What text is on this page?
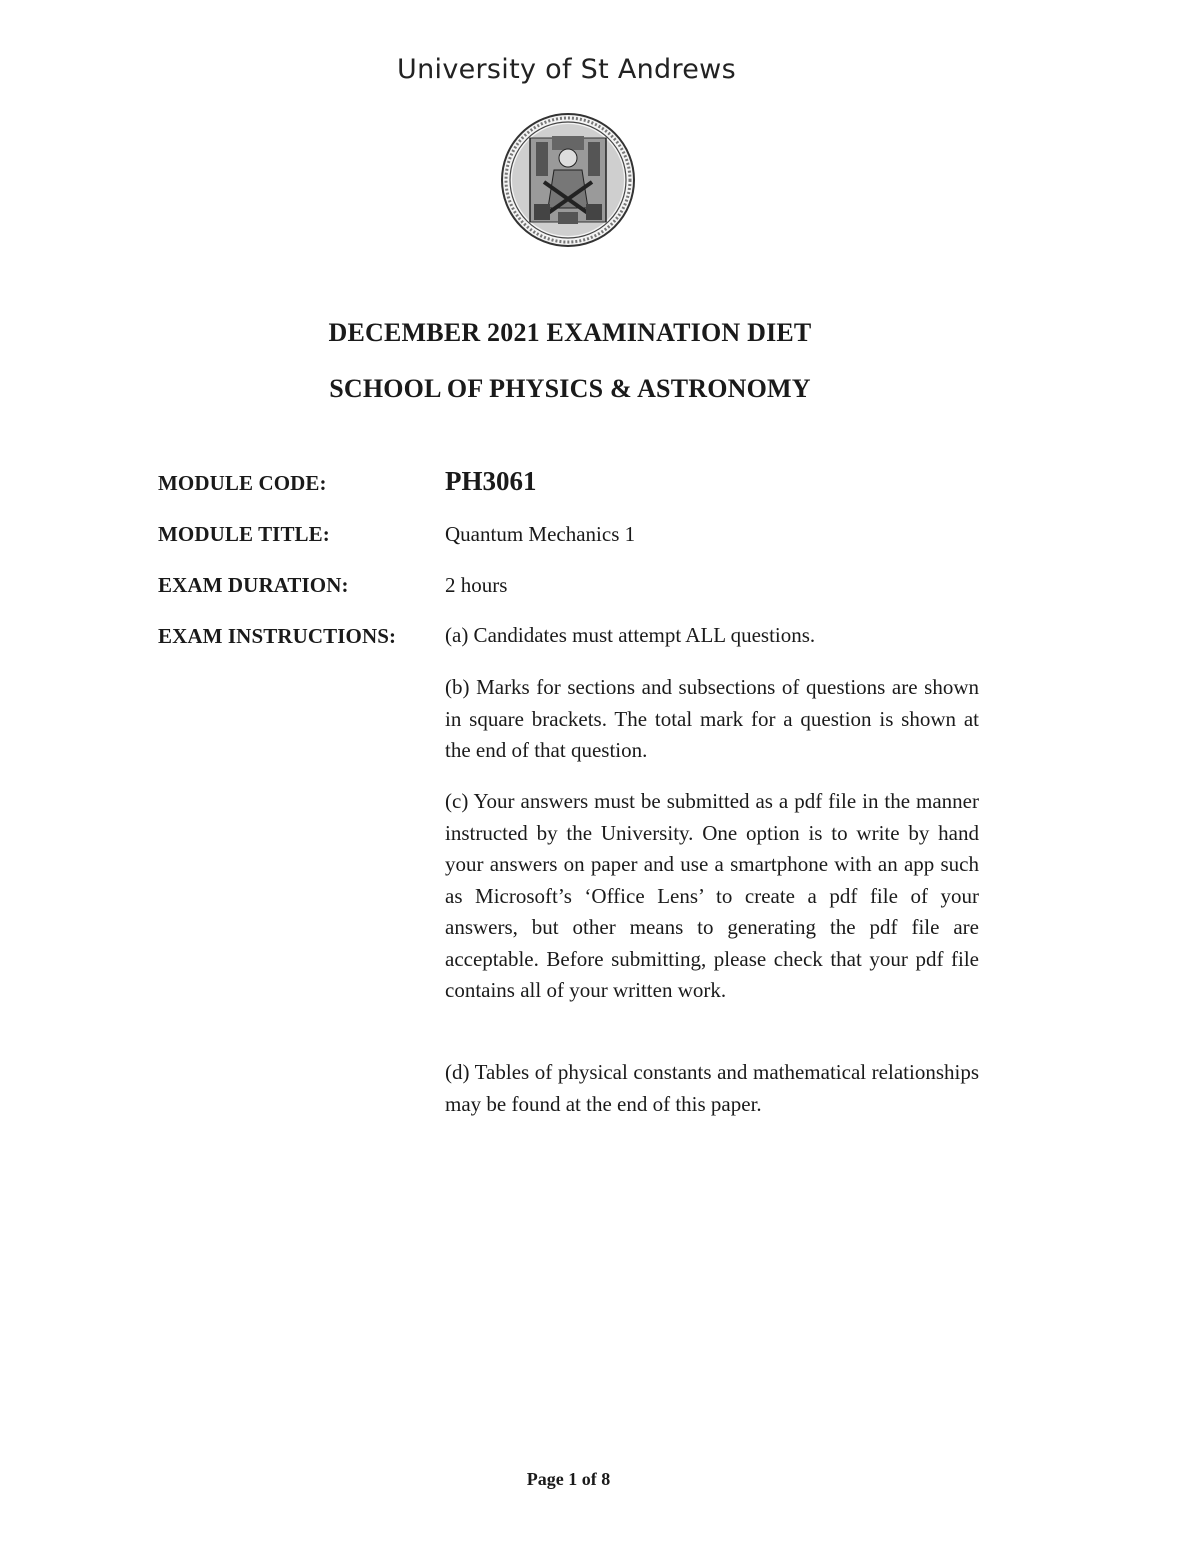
University of St Andrews
DECEMBER 2021 EXAMINATION DIET
SCHOOL OF PHYSICS & ASTRONOMY
MODULE CODE:	PH3061
MODULE TITLE:	Quantum Mechanics 1
EXAM DURATION:	2 hours
EXAM INSTRUCTIONS: (a) Candidates must attempt ALL questions.
(b) Marks for sections and subsections of questions are shown in square brackets. The total mark for a question is shown at the end of that question.
(c) Your answers must be submitted as a pdf file in the manner instructed by the University. One option is to write by hand your answers on paper and use a smartphone with an app such as Microsoft’s ‘Office Lens’ to create a pdf file of your answers, but other means to generating the pdf file are acceptable. Before submitting, please check that your pdf file contains all of your written work.
(d) Tables of physical constants and mathematical relationships may be found at the end of this paper.
Page 1 of 8
